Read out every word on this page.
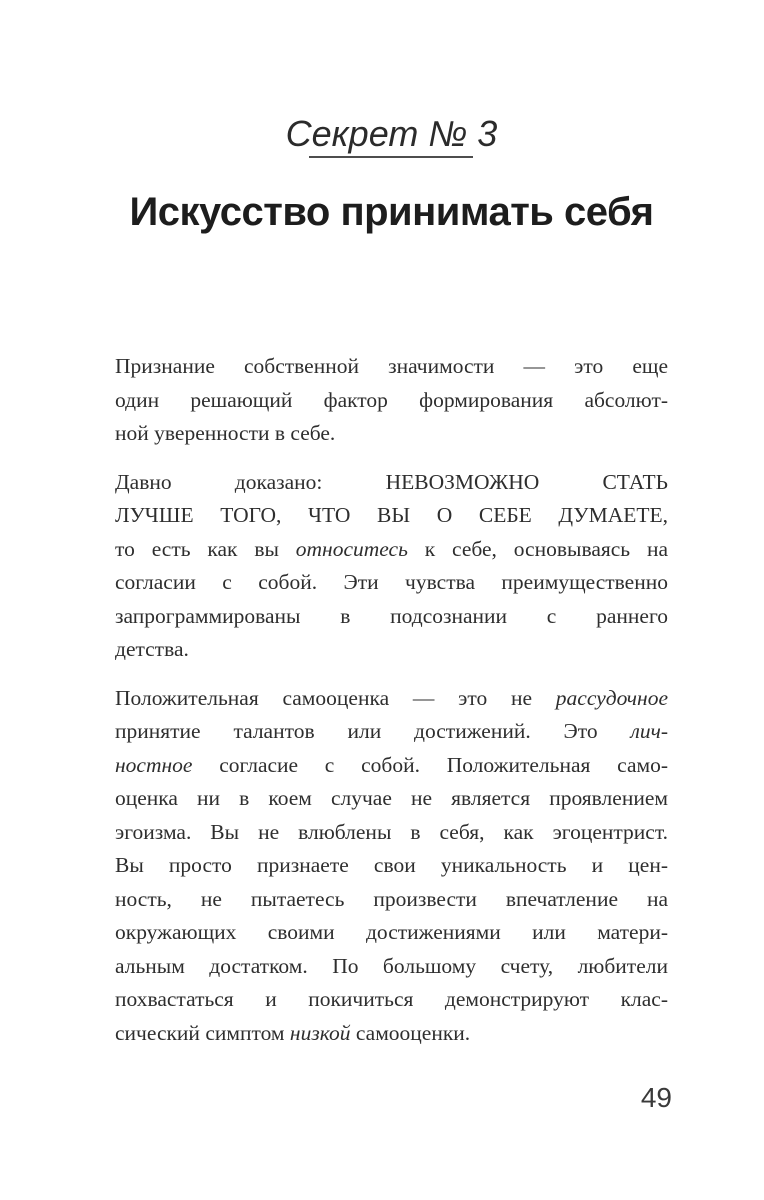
Секрет № 3
Искусство принимать себя
Признание собственной значимости — это еще
один решающий фактор формирования абсолют-
ной уверенности в себе.
Давно доказано: НЕВОЗМОЖНО СТАТЬ
ЛУЧШЕ ТОГО, ЧТО ВЫ О СЕБЕ ДУМАЕТЕ,
то есть как вы относитесь к себе, основываясь на
согласии с собой. Эти чувства преимущественно
запрограммированы в подсознании с раннего
детства.
Положительная самооценка — это не рассудочное
принятие талантов или достижений. Это лич-
ностное согласие с собой. Положительная само-
оценка ни в коем случае не является проявлением
эгоизма. Вы не влюблены в себя, как эгоцентрист.
Вы просто признаете свои уникальность и цен-
ность, не пытаетесь произвести впечатление на
окружающих своими достижениями или матери-
альным достатком. По большому счету, любители
похвастаться и покичиться демонстрируют клас-
сический симптом низкой самооценки.
49
